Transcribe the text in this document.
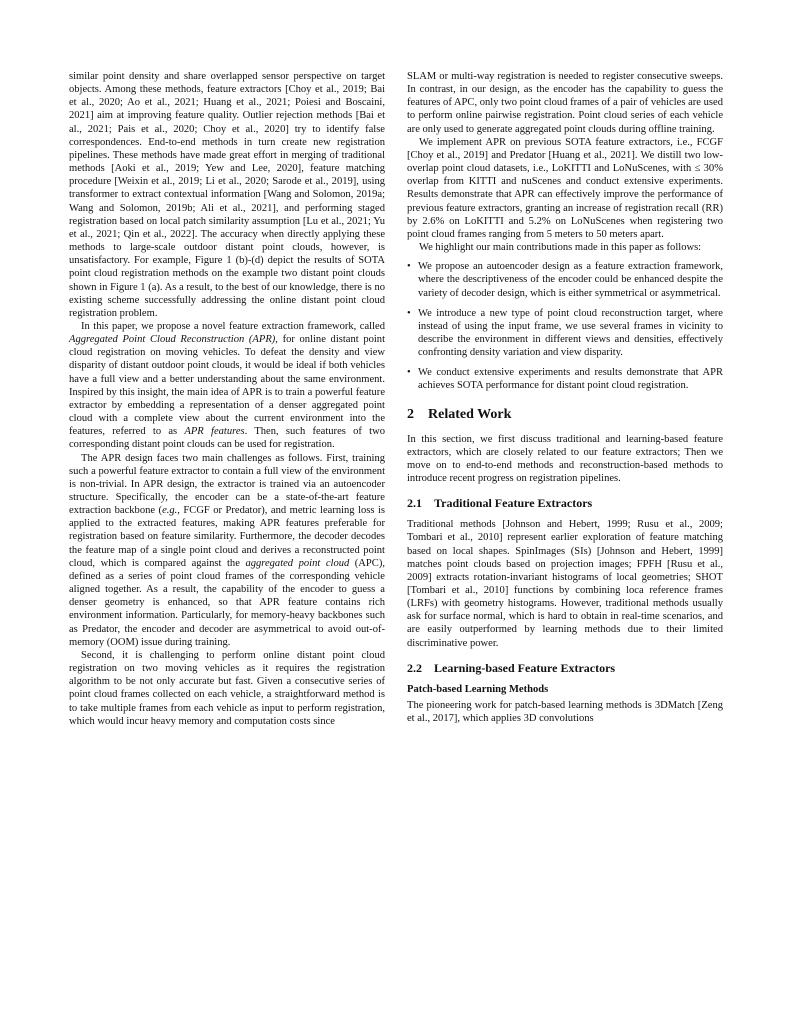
similar point density and share overlapped sensor perspective on target objects. Among these methods, feature extractors [Choy et al., 2019; Bai et al., 2020; Ao et al., 2021; Huang et al., 2021; Poiesi and Boscaini, 2021] aim at improving feature quality. Outlier rejection methods [Bai et al., 2021; Pais et al., 2020; Choy et al., 2020] try to identify false correspondences. End-to-end methods in turn create new registration pipelines. These methods have made great effort in merging of traditional methods [Aoki et al., 2019; Yew and Lee, 2020], feature matching procedure [Weixin et al., 2019; Li et al., 2020; Sarode et al., 2019], using transformer to extract contextual information [Wang and Solomon, 2019a; Wang and Solomon, 2019b; Ali et al., 2021], and performing staged registration based on local patch similarity assumption [Lu et al., 2021; Yu et al., 2021; Qin et al., 2022]. The accuracy when directly applying these methods to large-scale outdoor distant point clouds, however, is unsatisfactory. For example, Figure 1 (b)-(d) depict the results of SOTA point cloud registration methods on the example two distant point clouds shown in Figure 1 (a). As a result, to the best of our knowledge, there is no existing scheme successfully addressing the online distant point cloud registration problem.

In this paper, we propose a novel feature extraction framework, called Aggregated Point Cloud Reconstruction (APR), for online distant point cloud registration on moving vehicles. To defeat the density and view disparity of distant outdoor point clouds, it would be ideal if both vehicles have a full view and a better understanding about the same environment. Inspired by this insight, the main idea of APR is to train a powerful feature extractor by embedding a representation of a denser aggregated point cloud with a complete view about the current environment into the features, referred to as APR features. Then, such features of two corresponding distant point clouds can be used for registration.

The APR design faces two main challenges as follows. First, training such a powerful feature extractor to contain a full view of the environment is non-trivial. In APR design, the extractor is trained via an autoencoder structure. Specifically, the encoder can be a state-of-the-art feature extraction backbone (e.g., FCGF or Predator), and metric learning loss is applied to the extracted features, making APR features preferable for registration based on feature similarity. Furthermore, the decoder decodes the feature map of a single point cloud and derives a reconstructed point cloud, which is compared against the aggregated point cloud (APC), defined as a series of point cloud frames of the corresponding vehicle aligned together. As a result, the capability of the encoder to guess a denser geometry is enhanced, so that APR feature contains rich environment information. Particularly, for memory-heavy backbones such as Predator, the encoder and decoder are asymmetrical to avoid out-of-memory (OOM) issue during training.

Second, it is challenging to perform online distant point cloud registration on two moving vehicles as it requires the registration algorithm to be not only accurate but fast. Given a consecutive series of point cloud frames collected on each vehicle, a straightforward method is to take multiple frames from each vehicle as input to perform registration, which would incur heavy memory and computation costs since

SLAM or multi-way registration is needed to register consecutive sweeps. In contrast, in our design, as the encoder has the capability to guess the features of APC, only two point cloud frames of a pair of vehicles are used to perform online pairwise registration. Point cloud series of each vehicle are only used to generate aggregated point clouds during offline training.

We implement APR on previous SOTA feature extractors, i.e., FCGF [Choy et al., 2019] and Predator [Huang et al., 2021]. We distill two low-overlap point cloud datasets, i.e., LoKITTI and LoNuScenes, with ≤ 30% overlap from KITTI and nuScenes and conduct extensive experiments. Results demonstrate that APR can effectively improve the performance of previous feature extractors, granting an increase of registration recall (RR) by 2.6% on LoKITTI and 5.2% on LoNuScenes when registering two point cloud frames ranging from 5 meters to 50 meters apart.

We highlight our main contributions made in this paper as follows:

• We propose an autoencoder design as a feature extraction framework, where the descriptiveness of the encoder could be enhanced despite the variety of decoder design, which is either symmetrical or asymmetrical.
• We introduce a new type of point cloud reconstruction target, where instead of using the input frame, we use several frames in vicinity to describe the environment in different views and densities, effectively confronting density variation and view disparity.
• We conduct extensive experiments and results demonstrate that APR achieves SOTA performance for distant point cloud registration.
2 Related Work

In this section, we first discuss traditional and learning-based feature extractors, which are closely related to our feature extractors; Then we move on to end-to-end methods and reconstruction-based methods to introduce recent progress on registration pipelines.

2.1 Traditional Feature Extractors

Traditional methods [Johnson and Hebert, 1999; Rusu et al., 2009; Tombari et al., 2010] represent earlier exploration of feature matching based on local shapes. SpinImages (SIs) [Johnson and Hebert, 1999] matches point clouds based on projection images; FPFH [Rusu et al., 2009] extracts rotation-invariant histograms of local geometries; SHOT [Tombari et al., 2010] functions by combining loca reference frames (LRFs) with geometry histograms. However, traditional methods usually ask for surface normal, which is hard to obtain in real-time scenarios, and are easily outperformed by learning methods due to their limited discriminative power.

2.2 Learning-based Feature Extractors
Patch-based Learning Methods

The pioneering work for patch-based learning methods is 3DMatch [Zeng et al., 2017], which applies 3D convolutions
